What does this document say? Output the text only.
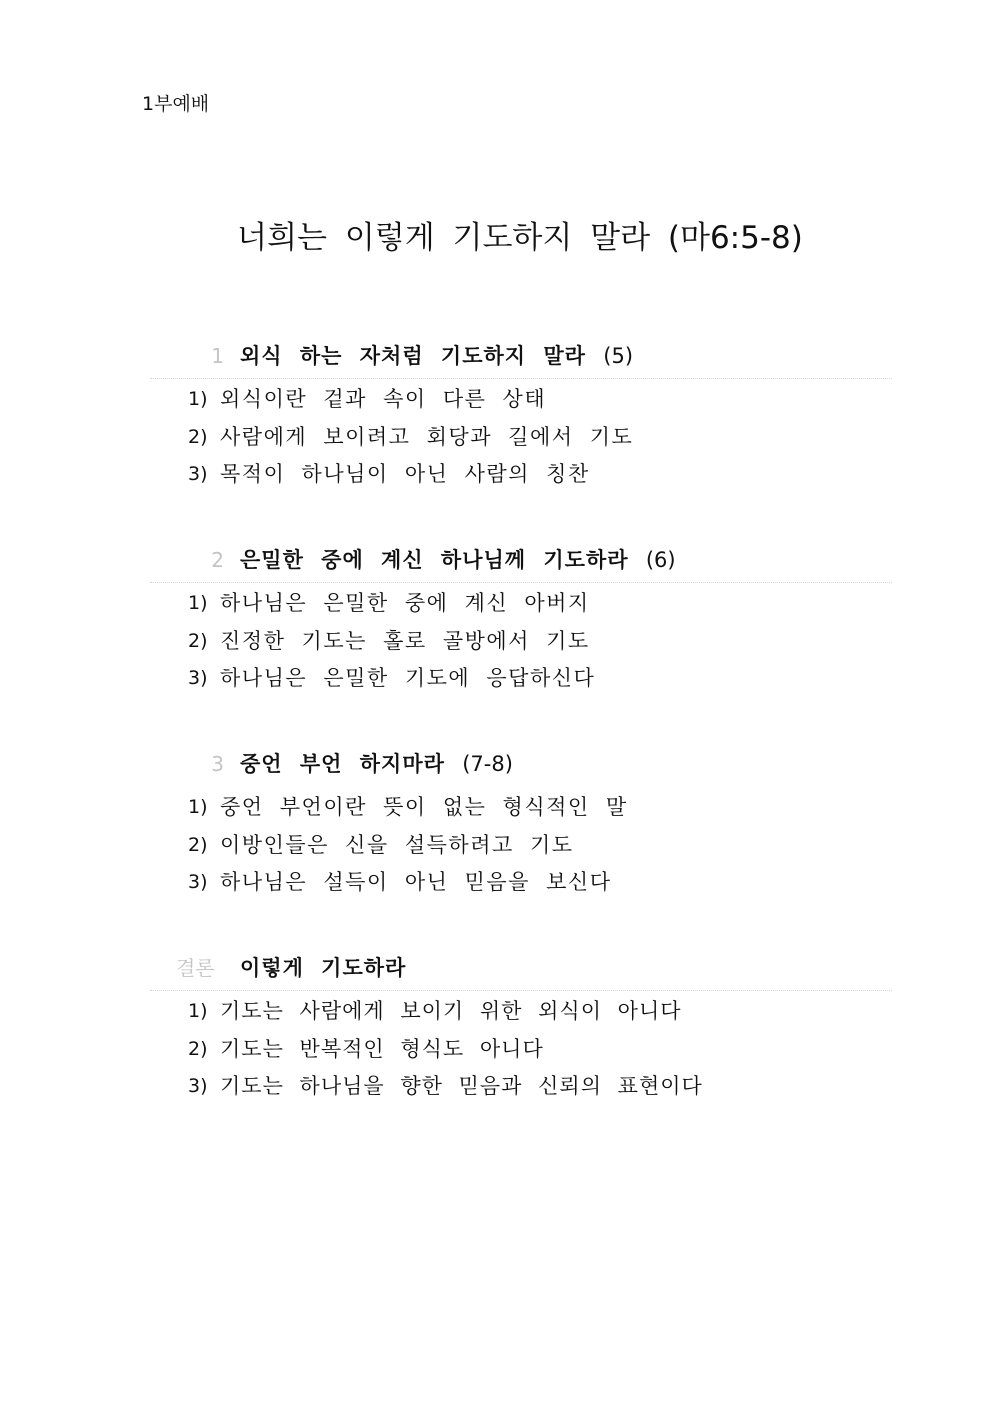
1부예배
너희는 이렇게 기도하지 말라 (마6:5-8)
1 외식 하는 자처럼 기도하지 말라 (5)
1) 외식이란 겉과 속이 다른 상태
2) 사람에게 보이려고 회당과 길에서 기도
3) 목적이 하나님이 아닌 사람의 칭찬
2 은밀한 중에 계신 하나님께 기도하라 (6)
1) 하나님은 은밀한 중에 계신 아버지
2) 진정한 기도는 홀로 골방에서 기도
3) 하나님은 은밀한 기도에 응답하신다
3 중언 부언 하지마라 (7-8)
1) 중언 부언이란 뜻이 없는 형식적인 말
2) 이방인들은 신을 설득하려고 기도
3) 하나님은 설득이 아닌 믿음을 보신다
결론 이렇게 기도하라
1) 기도는 사람에게 보이기 위한 외식이 아니다
2) 기도는 반복적인 형식도 아니다
3) 기도는 하나님을 향한 믿음과 신뢰의 표현이다
